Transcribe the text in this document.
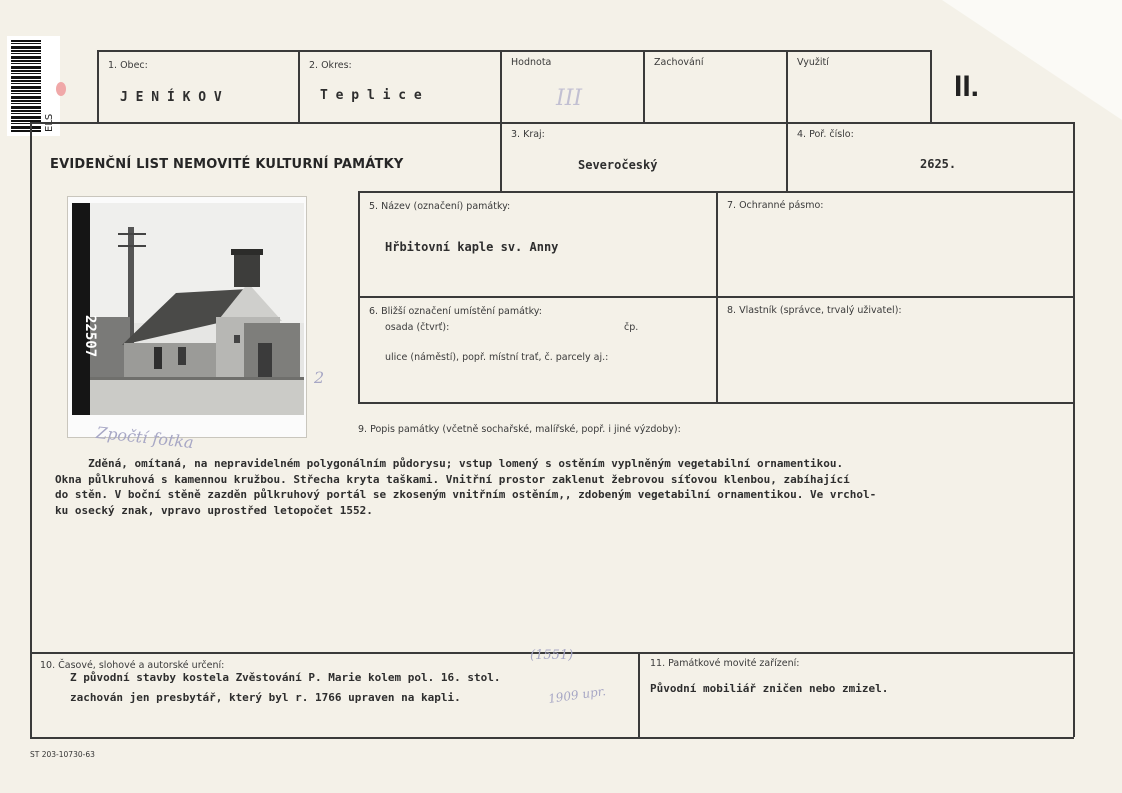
1. Obec:
J E N Í K O V
2. Okres:
T e p l i c e
Hodnota
III
Zachování	Využití
II.
EVIDENČNÍ LIST NEMOVITÉ KULTURNÍ PAMÁTKY
3. Kraj:
Severočeský
4. Poř. číslo:
2625.
22507
Zpočtí fotka
2
5. Název (označení) památky:
Hřbitovní kaple sv. Anny
7. Ochranné pásmo:
6. Bližší označení umístění památky:
osada (čtvrť):	čp.
ulice (náměstí), popř. místní trať, č. parcely aj.:
8. Vlastník (správce, trvalý uživatel):
9. Popis památky (včetně sochařské, malířské, popř. i jiné výzdoby):
Zděná, omítaná, na nepravidelném polygonálním půdorysu; vstup lomený s ostěním vyplněným vegetabilní ornamentikou.
Okna půlkruhová s kamennou kružbou. Střecha kryta taškami. Vnitřní prostor zaklenut žebrovou síťovou klenbou, zabíhající
do stěn. V boční stěně zazděn půlkruhový portál se zkoseným vnitřním ostěním,, zdobeným vegetabilní ornamentikou. Ve vrchol-
ku osecký znak, vpravo uprostřed letopočet 1552.
10. Časové, slohové a autorské určení:
Z původní stavby kostela Zvěstování P. Marie kolem pol. 16. stol.
zachován jen presbytář, který byl r. 1766 upraven na kapli.
(1551)
1909 upr.
11. Památkové movité zařízení:
Původní mobiliář zničen nebo zmizel.
ST 203-10730-63
